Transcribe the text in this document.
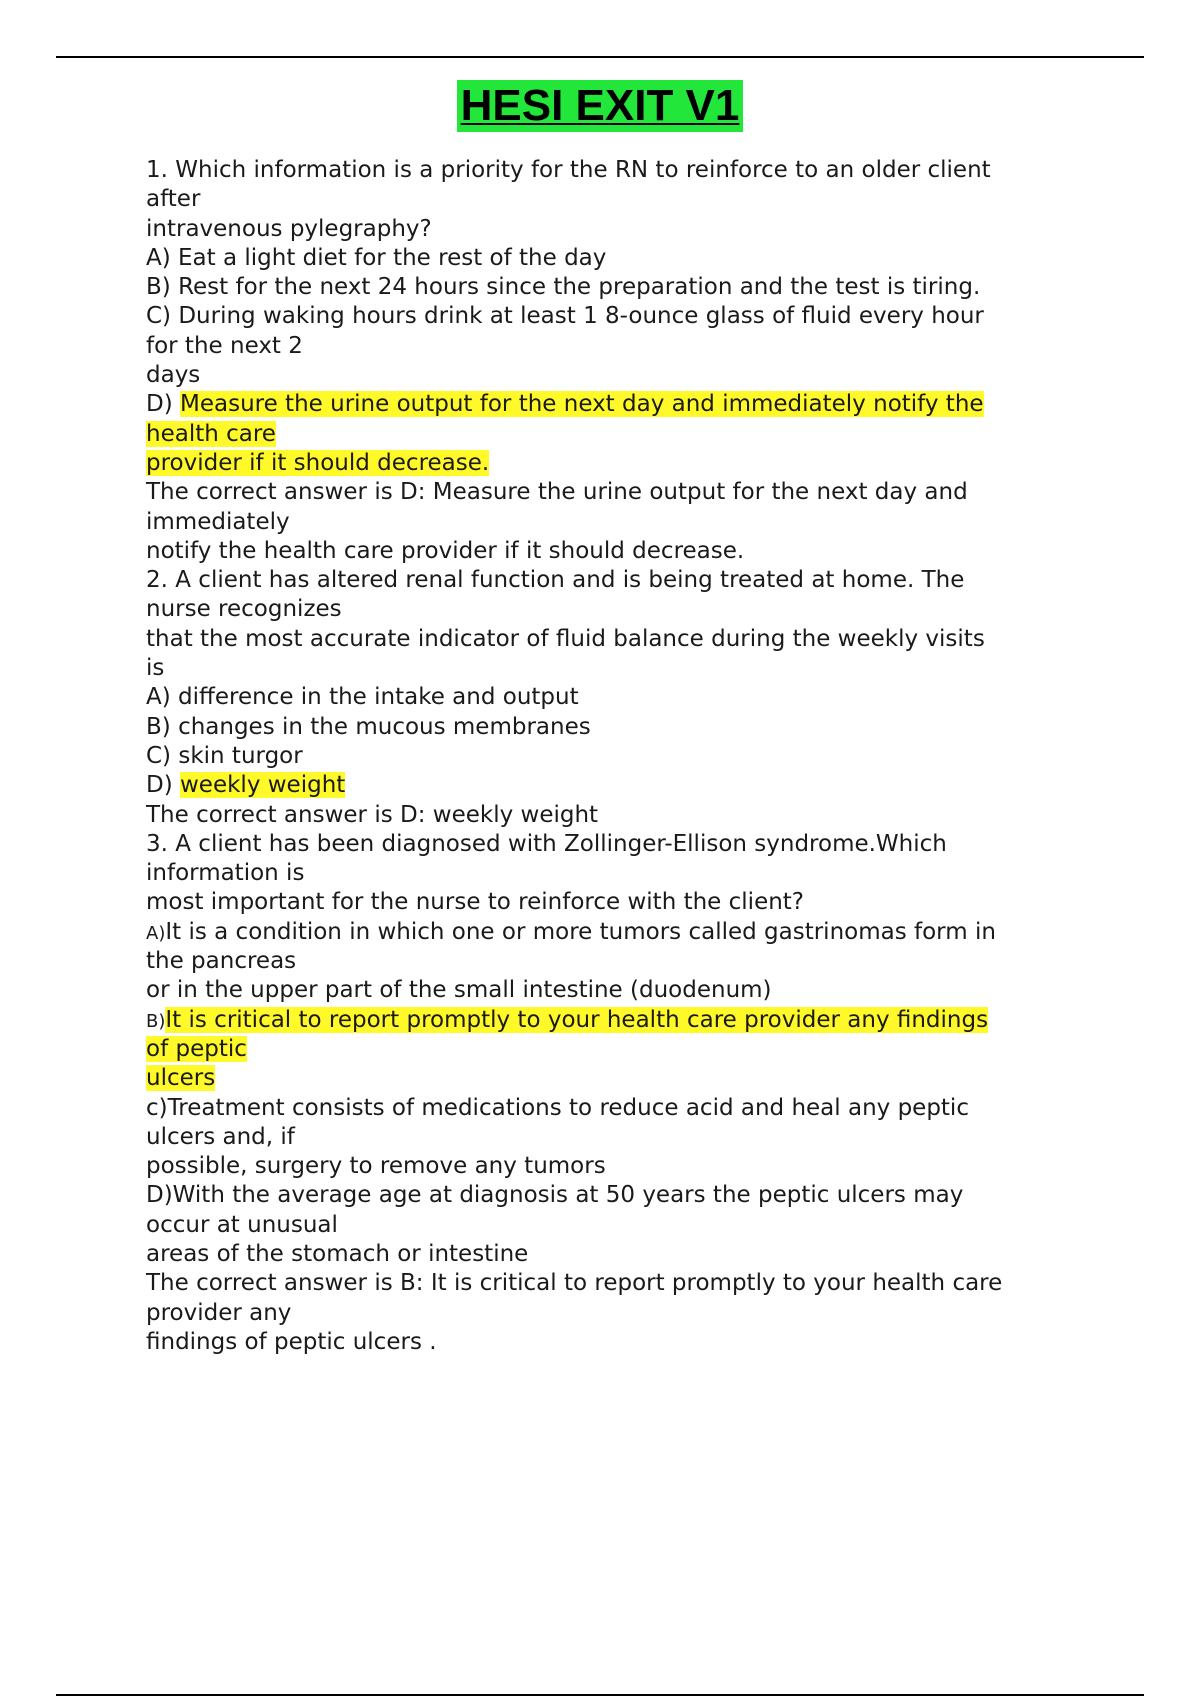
HESI EXIT V1
1. Which information is a priority for the RN to reinforce to an older client
after
intravenous pylegraphy?
A) Eat a light diet for the rest of the day
B) Rest for the next 24 hours since the preparation and the test is tiring.
C) During waking hours drink at least 1 8-ounce glass of fluid every hour
for the next 2
days
D) Measure the urine output for the next day and immediately notify the
health care
provider if it should decrease.
The correct answer is D: Measure the urine output for the next day and
immediately
notify the health care provider if it should decrease.
2. A client has altered renal function and is being treated at home. The
nurse recognizes
that the most accurate indicator of fluid balance during the weekly visits
is
A) difference in the intake and output
B) changes in the mucous membranes
C) skin turgor
D) weekly weight
The correct answer is D: weekly weight
3. A client has been diagnosed with Zollinger-Ellison syndrome.Which
information is
most important for the nurse to reinforce with the client?
A)It is a condition in which one or more tumors called gastrinomas form in
the pancreas
or in the upper part of the small intestine (duodenum)
B)It is critical to report promptly to your health care provider any findings
of peptic
ulcers
c)Treatment consists of medications to reduce acid and heal any peptic
ulcers and, if
possible, surgery to remove any tumors
D)With the average age at diagnosis at 50 years the peptic ulcers may
occur at unusual
areas of the stomach or intestine
The correct answer is B: It is critical to report promptly to your health care
provider any
findings of peptic ulcers .
